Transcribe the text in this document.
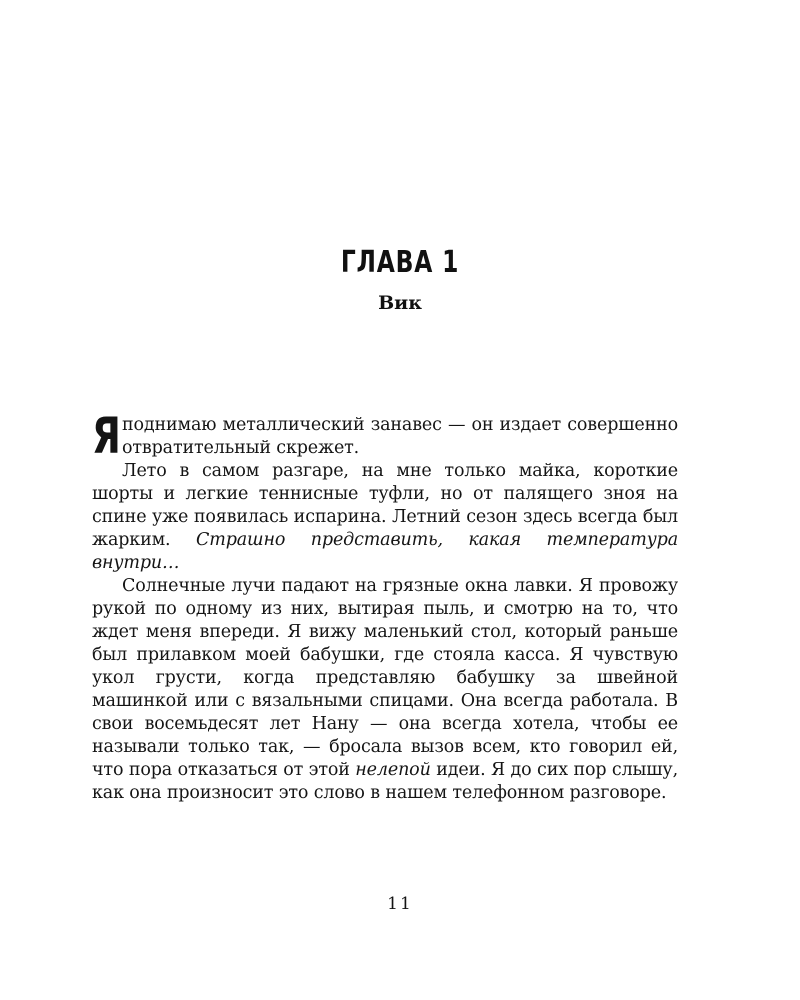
ГЛАВА 1
Вик

Я поднимаю металлический занавес — он издает совершенно отвратительный скрежет.

Лето в самом разгаре, на мне только майка, короткие шорты и легкие теннисные туфли, но от палящего зноя на спине уже появилась испарина. Летний сезон здесь всегда был жарким. Страшно представить, какая температура внутри…

Солнечные лучи падают на грязные окна лавки. Я провожу рукой по одному из них, вытирая пыль, и смотрю на то, что ждет меня впереди. Я вижу маленький стол, который раньше был прилавком моей бабушки, где стояла касса. Я чувствую укол грусти, когда представляю бабушку за швейной машинкой или с вязальными спицами. Она всегда работала. В свои восемьдесят лет Нану — она всегда хотела, чтобы ее называли только так, — бросала вызов всем, кто говорил ей, что пора отказаться от этой нелепой идеи. Я до сих пор слышу, как она произносит это слово в нашем телефонном разговоре.

11
